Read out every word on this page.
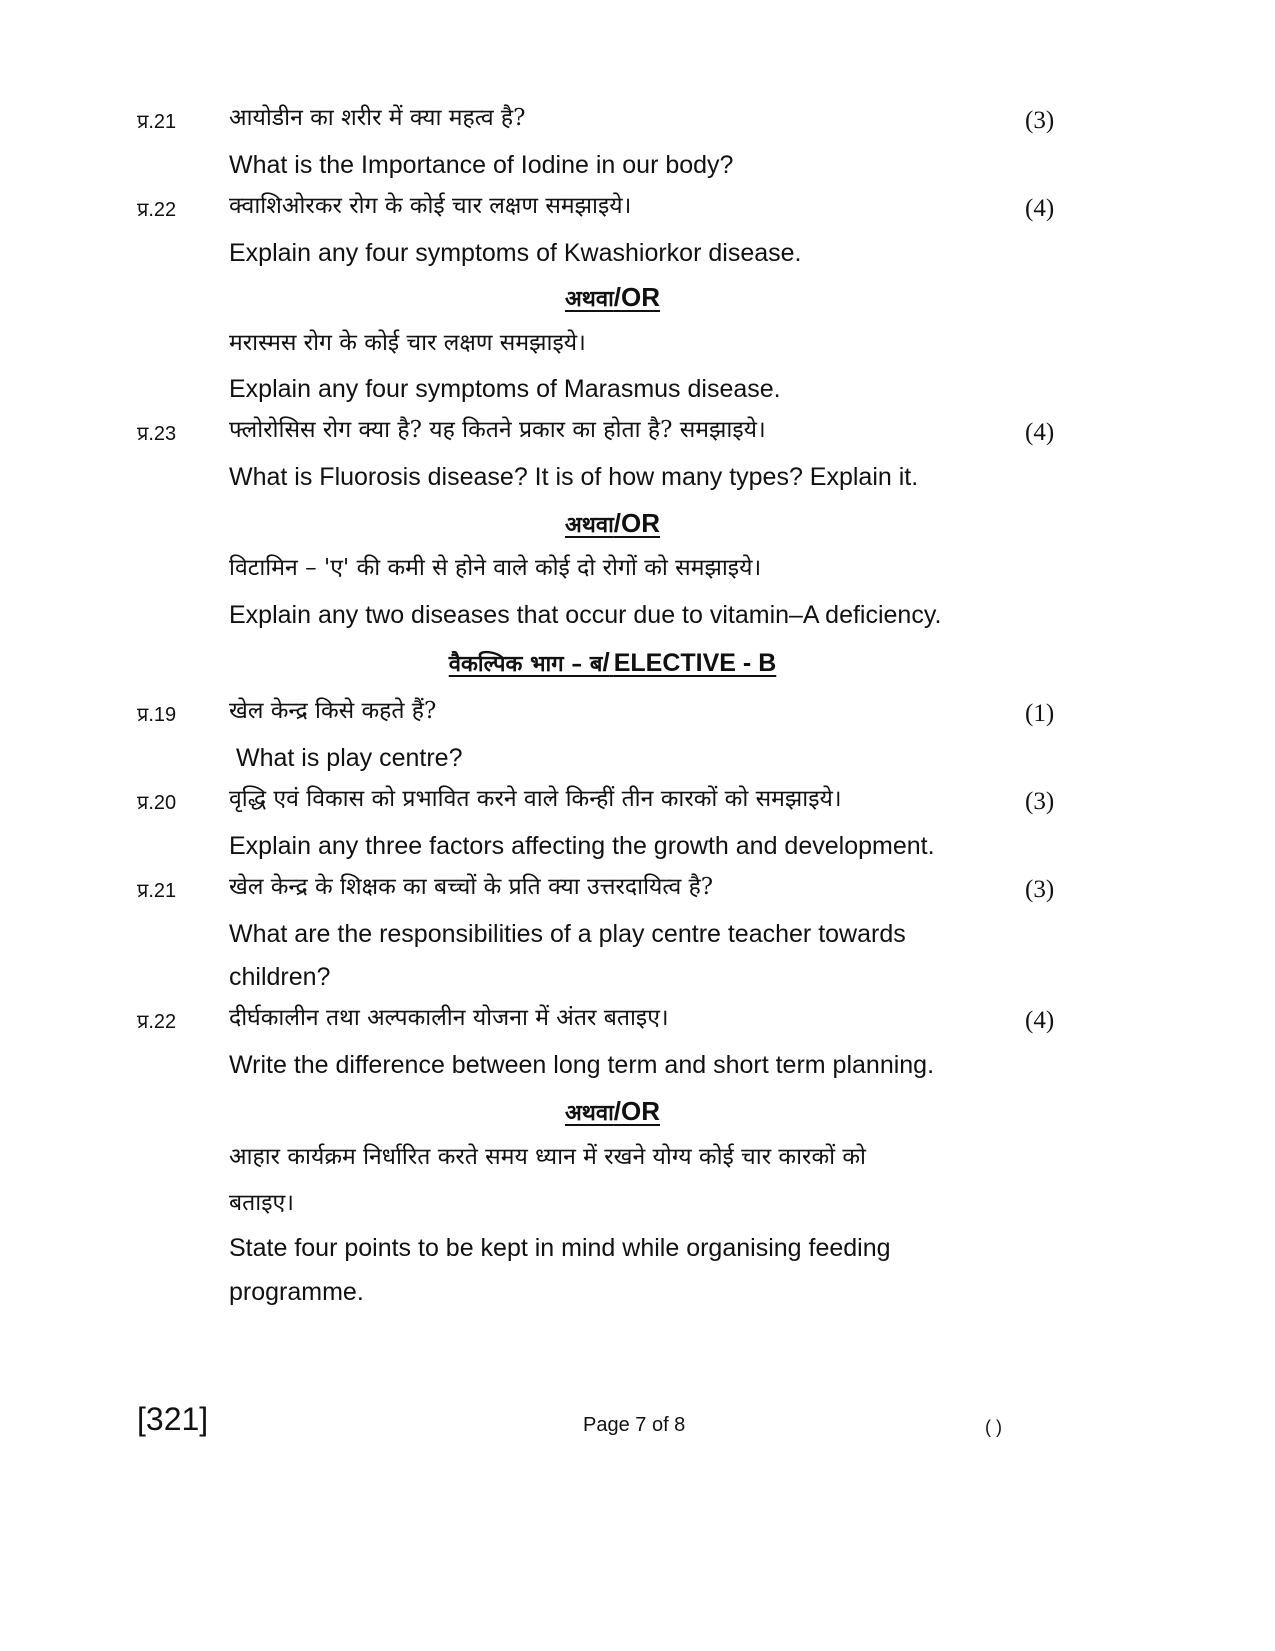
प्र.21 आयोडीन का शरीर में क्या महत्व है?	(3)
What is the Importance of Iodine in our body?
प्र.22 क्वाशिओरकर रोग के कोई चार लक्षण समझाइये।	(4)
Explain any four symptoms of Kwashiorkor disease.
अथवा/OR
मरास्मस रोग के कोई चार लक्षण समझाइये।
Explain any four symptoms of Marasmus disease.
प्र.23 फ्लोरोसिस रोग क्या है? यह कितने प्रकार का होता है? समझाइये।	(4)
What is Fluorosis disease? It is of how many types? Explain it.
अथवा/OR
विटामिन – 'ए' की कमी से होने वाले कोई दो रोगों को समझाइये।
Explain any two diseases that occur due to vitamin–A deficiency.
वैकल्पिक भाग – ब/ ELECTIVE - B
प्र.19 खेल केन्द्र किसे कहते हैं?	(1)
What is play centre?
प्र.20 वृद्धि एवं विकास को प्रभावित करने वाले किन्हीं तीन कारकों को समझाइये।	(3)
Explain any three factors affecting the growth and development.
प्र.21 खेल केन्द्र के शिक्षक का बच्चों के प्रति क्या उत्तरदायित्व है?	(3)
What are the responsibilities of a play centre teacher towards
children?
प्र.22 दीर्घकालीन तथा अल्पकालीन योजना में अंतर बताइए।	(4)
Write the difference between long term and short term planning.
अथवा/OR
आहार कार्यक्रम निर्धारित करते समय ध्यान में रखने योग्य कोई चार कारकों को
बताइए।
State four points to be kept in mind while organising feeding
programme.
[321]	Page 7 of 8	( )
